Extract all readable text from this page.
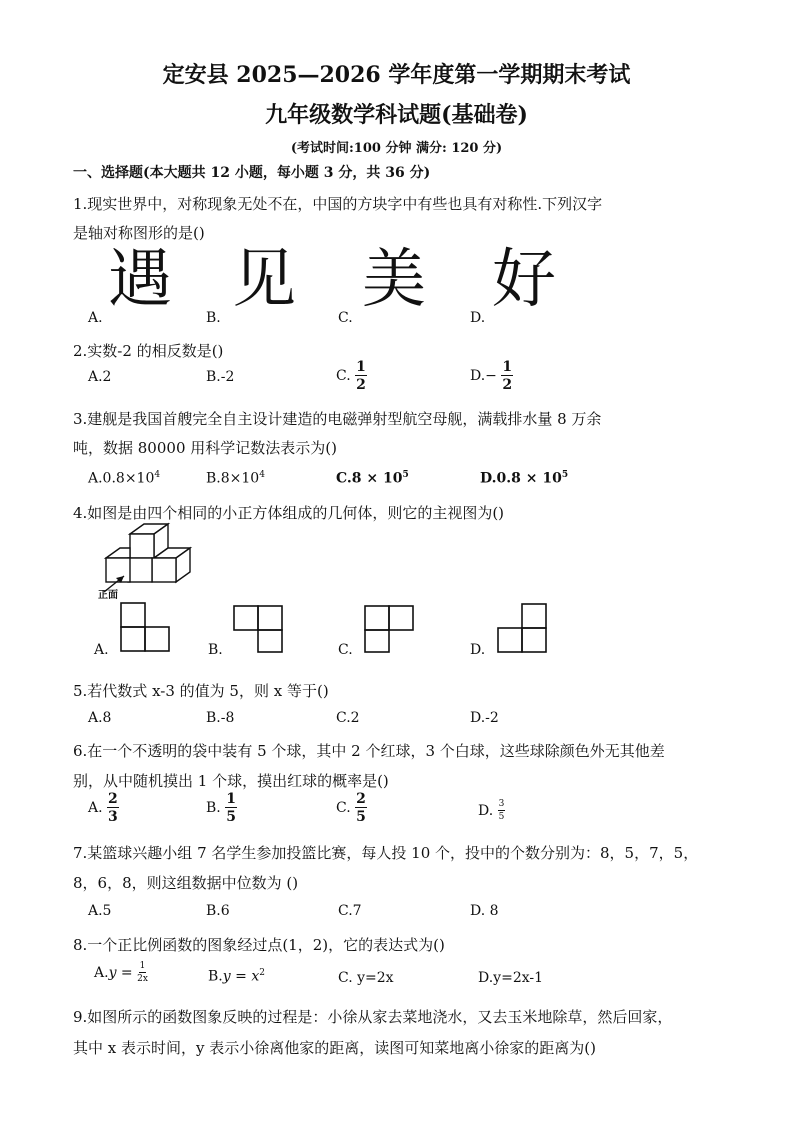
定安县 2025—2026 学年度第一学期期末考试
九年级数学科试题(基础卷)
(考试时间:100 分钟 满分: 120 分)
一、选择题(本大题共 12 小题，每小题 3 分，共 36 分)
1.现实世界中，对称现象无处不在，中国的方块字中有些也具有对称性.下列汉字
是轴对称图形的是()
遇 见 美 好
A.	B.	C.	D.
2.实数-2 的相反数是()
A.2	B.-2	C. $\frac{1}{2}$	$D.- \frac{1}{2}$
3.建舰是我国首艘完全自主设计建造的电磁弹射型航空母舰，满载排水量 8 万余
吨，数据 80000 用科学记数法表示为()
$A.0.8\times 10^4$	$B.8\times 10^4$	$C.8 \times 10^5$	$D.0.8 \times 10^5$
4.如图是由四个相同的小正方体组成的几何体，则它的主视图为()
正面
A.	B.	C.	D.
5.若代数式 x-3 的值为 5，则 x 等于()
A.8	B.-8	C.2	D.-2
6.在一个不透明的袋中装有 5 个球，其中 2 个红球，3 个白球，这些球除颜色外无其他差
别，从中随机摸出 1 个球，摸出红球的概率是()
A. $\frac{2}{3}$	B. $\frac{1}{5}$	C. $\frac{2}{5}$	D. $\frac{3}{5}$
7.某篮球兴趣小组 7 名学生参加投篮比赛，每人投 10 个，投中的个数分别为：8，5，7，5，
8，6，8，则这组数据中位数为 ()
A.5	B.6	C.7	D. 8
8.一个正比例函数的图象经过点(1，2)，它的表达式为()
$A.y = \frac{1}{2x}$	$B.y = x^2$	C. y=2x	D.y=2x-1
9.如图所示的函数图象反映的过程是：小徐从家去菜地浇水，又去玉米地除草，然后回家，
其中 x 表示时间，y 表示小徐离他家的距离，读图可知菜地离小徐家的距离为()
